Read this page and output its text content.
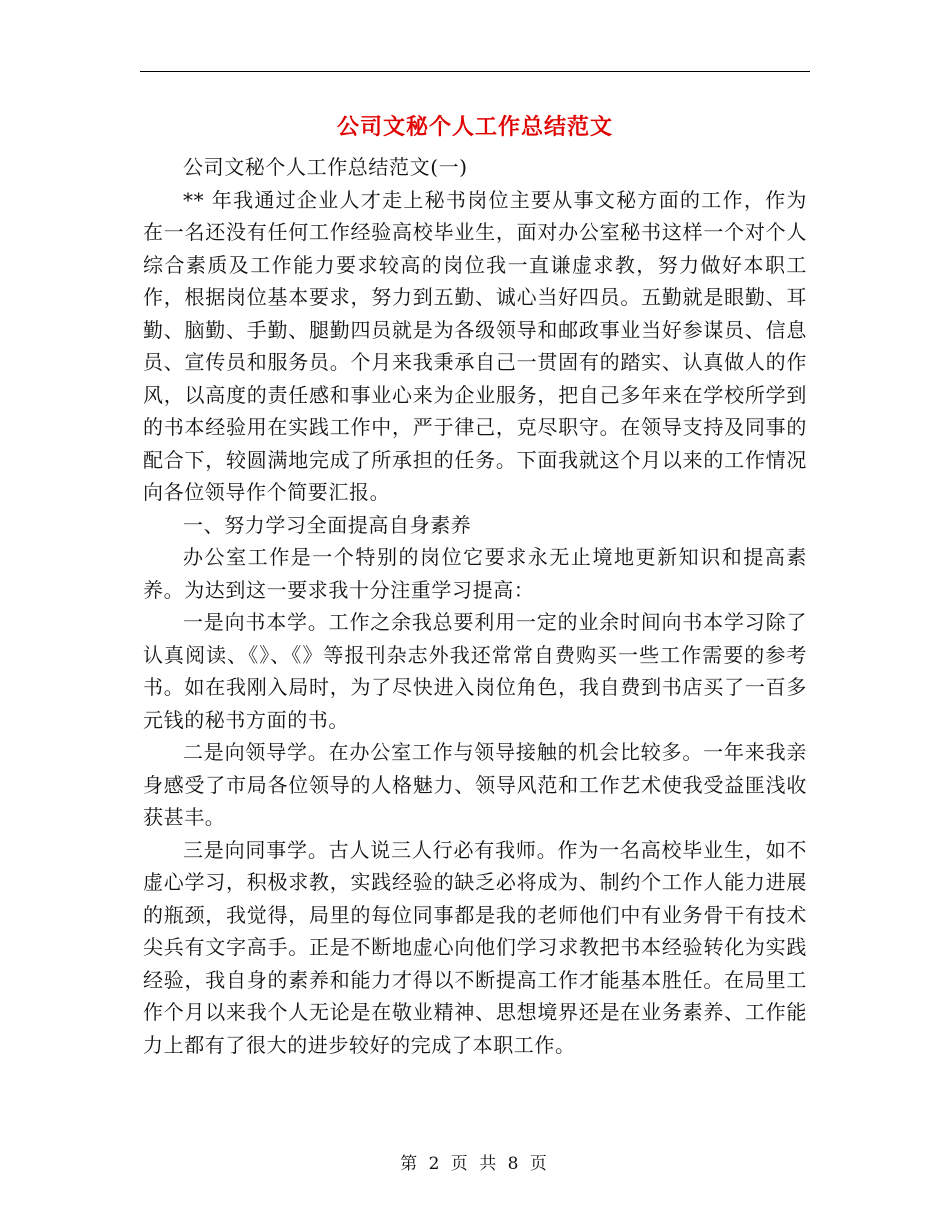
公司文秘个人工作总结范文

公司文秘个人工作总结范文(一)

** 年我通过企业人才走上秘书岗位主要从事文秘方面的工作，作为在一名还没有任何工作经验高校毕业生，面对办公室秘书这样一个对个人综合素质及工作能力要求较高的岗位我一直谦虚求教，努力做好本职工作，根据岗位基本要求，努力到五勤、诚心当好四员。五勤就是眼勤、耳勤、脑勤、手勤、腿勤四员就是为各级领导和邮政事业当好参谋员、信息员、宣传员和服务员。个月来我秉承自己一贯固有的踏实、认真做人的作风，以高度的责任感和事业心来为企业服务，把自己多年来在学校所学到的书本经验用在实践工作中，严于律己，克尽职守。在领导支持及同事的配合下，较圆满地完成了所承担的任务。下面我就这个月以来的工作情况向各位领导作个简要汇报。

一、努力学习全面提高自身素养

办公室工作是一个特别的岗位它要求永无止境地更新知识和提高素养。为达到这一要求我十分注重学习提高：

一是向书本学。工作之余我总要利用一定的业余时间向书本学习除了认真阅读、《》、《》等报刊杂志外我还常常自费购买一些工作需要的参考书。如在我刚入局时，为了尽快进入岗位角色，我自费到书店买了一百多元钱的秘书方面的书。

二是向领导学。在办公室工作与领导接触的机会比较多。一年来我亲身感受了市局各位领导的人格魅力、领导风范和工作艺术使我受益匪浅收获甚丰。

三是向同事学。古人说三人行必有我师。作为一名高校毕业生，如不虚心学习，积极求教，实践经验的缺乏必将成为、制约个工作人能力进展的瓶颈，我觉得，局里的每位同事都是我的老师他们中有业务骨干有技术尖兵有文字高手。正是不断地虚心向他们学习求教把书本经验转化为实践经验，我自身的素养和能力才得以不断提高工作才能基本胜任。在局里工作个月以来我个人无论是在敬业精神、思想境界还是在业务素养、工作能力上都有了很大的进步较好的完成了本职工作。

第 2 页 共 8 页
